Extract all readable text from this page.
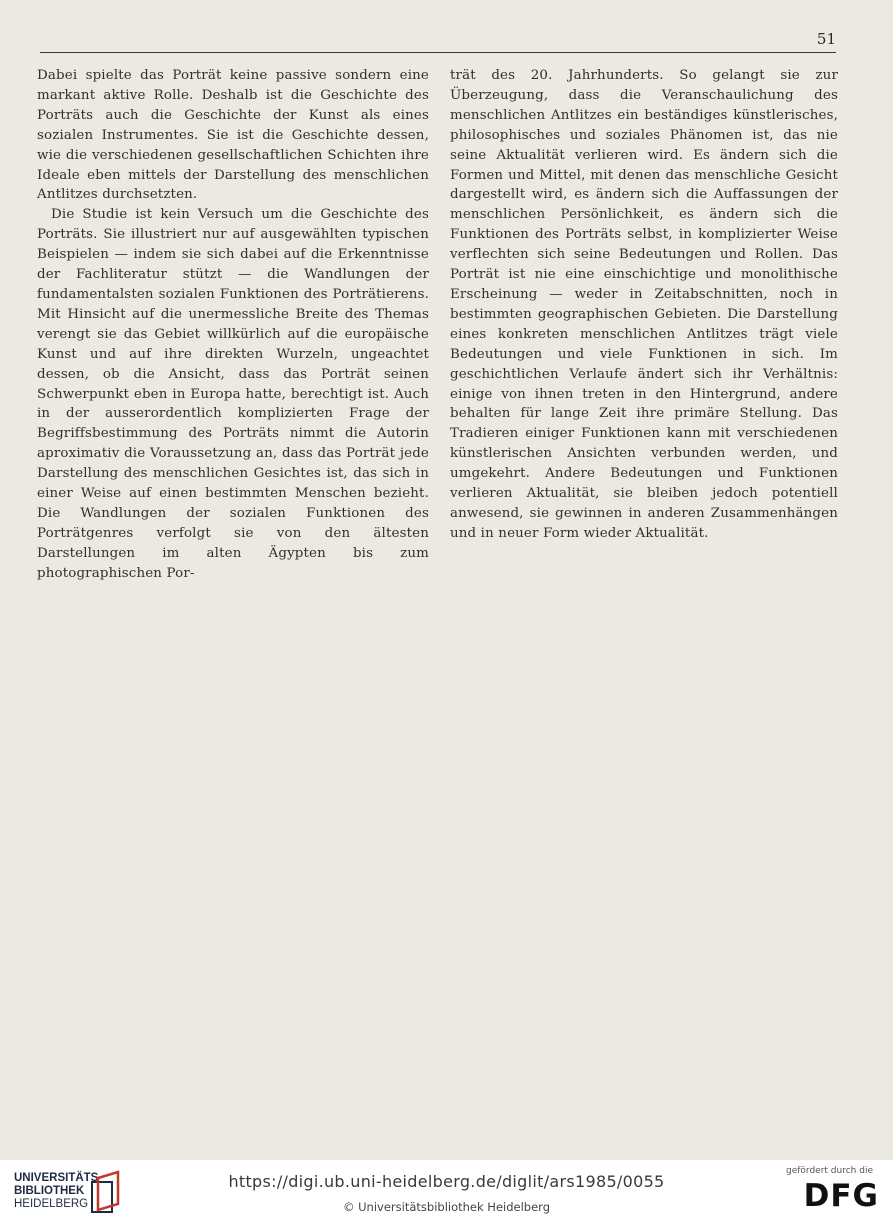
51

Dabei spielte das Porträt keine passive sondern eine markant aktive Rolle. Deshalb ist die Geschichte des Porträts auch die Geschichte der Kunst als eines sozialen Instrumentes. Sie ist die Geschichte dessen, wie die verschiedenen gesellschaftlichen Schichten ihre Ideale eben mittels der Darstellung des menschlichen Antlitzes durchsetzten.

Die Studie ist kein Versuch um die Geschichte des Porträts. Sie illustriert nur auf ausgewählten typischen Beispielen — indem sie sich dabei auf die Erkenntnisse der Fachliteratur stützt — die Wandlungen der fundamentalsten sozialen Funktionen des Porträtierens. Mit Hinsicht auf die unermessliche Breite des Themas verengt sie das Gebiet willkürlich auf die europäische Kunst und auf ihre direkten Wurzeln, ungeachtet dessen, ob die Ansicht, dass das Porträt seinen Schwerpunkt eben in Europa hatte, berechtigt ist. Auch in der ausserordentlich komplizierten Frage der Begriffsbestimmung des Porträts nimmt die Autorin aproximativ die Voraussetzung an, dass das Porträt jede Darstellung des menschlichen Gesichtes ist, das sich in einer Weise auf einen bestimmten Menschen bezieht. Die Wandlungen der sozialen Funktionen des Porträtgenres verfolgt sie von den ältesten Darstellungen im alten Ägypten bis zum photographischen Por-

trät des 20. Jahrhunderts. So gelangt sie zur Überzeugung, dass die Veranschaulichung des menschlichen Antlitzes ein beständiges künstlerisches, philosophisches und soziales Phänomen ist, das nie seine Aktualität verlieren wird. Es ändern sich die Formen und Mittel, mit denen das menschliche Gesicht dargestellt wird, es ändern sich die Auffassungen der menschlichen Persönlichkeit, es ändern sich die Funktionen des Porträts selbst, in komplizierter Weise verflechten sich seine Bedeutungen und Rollen. Das Porträt ist nie eine einschichtige und monolithische Erscheinung — weder in Zeitabschnitten, noch in bestimmten geographischen Gebieten. Die Darstellung eines konkreten menschlichen Antlitzes trägt viele Bedeutungen und viele Funktionen in sich. Im geschichtlichen Verlaufe ändert sich ihr Verhältnis: einige von ihnen treten in den Hintergrund, andere behalten für lange Zeit ihre primäre Stellung. Das Tradieren einiger Funktionen kann mit verschiedenen künstlerischen Ansichten verbunden werden, und umgekehrt. Andere Bedeutungen und Funktionen verlieren Aktualität, sie bleiben jedoch potentiell anwesend, sie gewinnen in anderen Zusammenhängen und in neuer Form wieder Aktualität.

UNIVERSITÄTS-
BIBLIOTHEK
HEIDELBERG
https://digi.ub.uni-heidelberg.de/diglit/ars1985/0055
© Universitätsbibliothek Heidelberg
gefördert durch die
DFG
